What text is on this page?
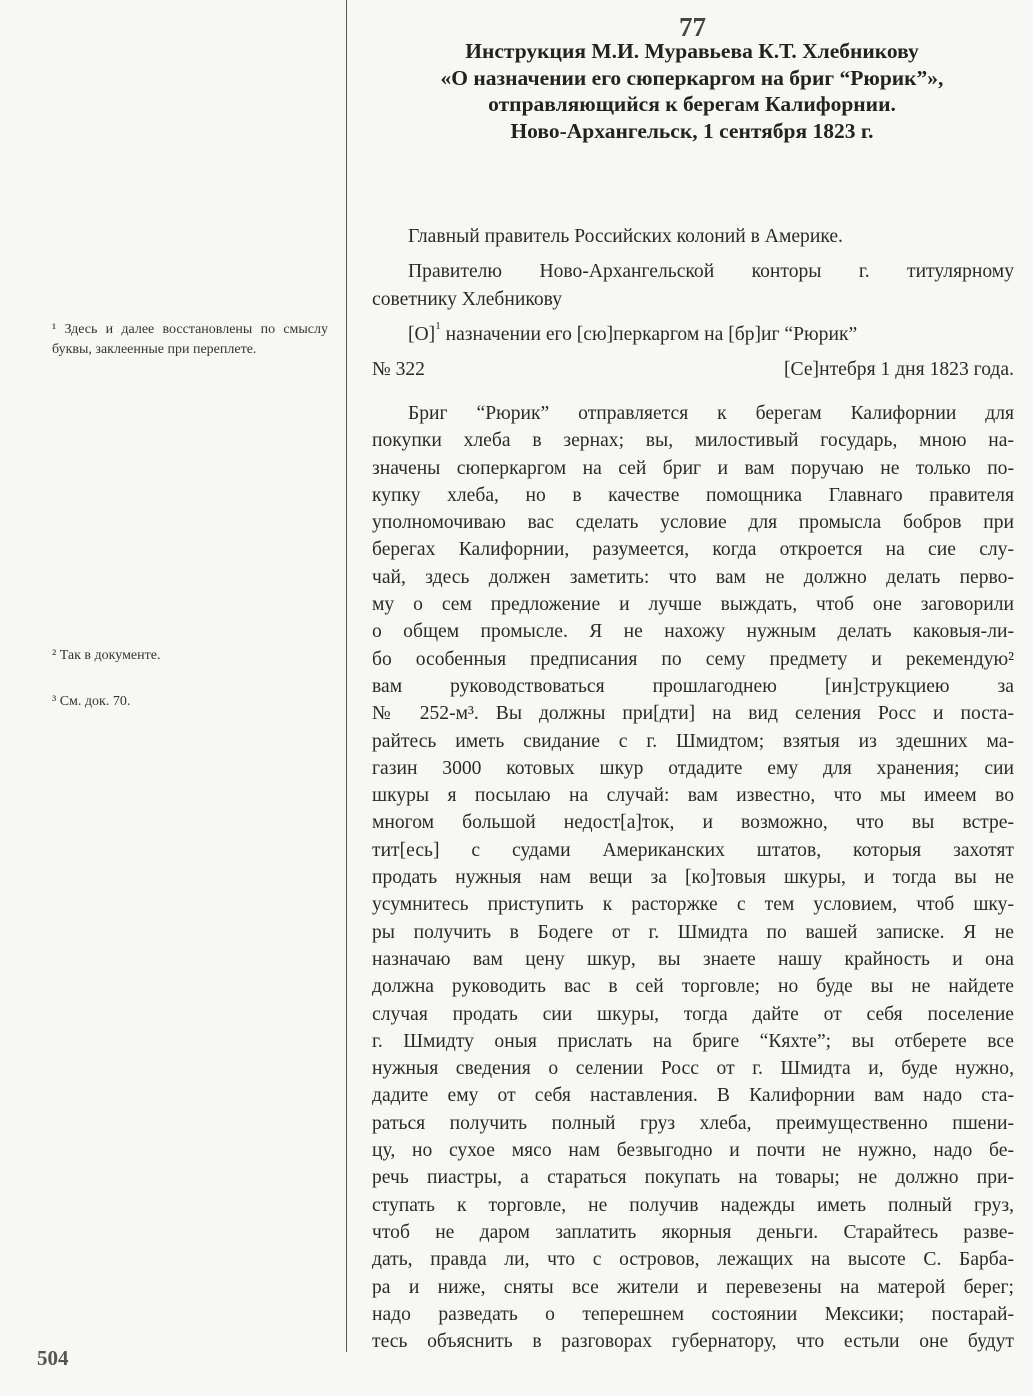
77
Инструкция М.И. Муравьева К.Т. Хлебникову
«О назначении его сюперкаргом на бриг “Рюрик”»,
отправляющийся к берегам Калифорнии.
Ново-Архангельск, 1 сентября 1823 г.
¹ Здесь и далее восстановлены по смыслу буквы, заклеенные при переплете.
² Так в документе.
³ См. док. 70.
Главный правитель Российских колоний в Америке.
Правителю Ново-Архангельской конторы г. титулярному
советнику Хлебникову
$[О]^1$ назначении его [сю]перкаргом на [бр]иг “Рюрик”
№ 322	[Се]нтебря 1 дня 1823 года.
Бриг “Рюрик” отправляется к берегам Калифорнии для
покупки хлеба в зернах; вы, милостивый государь, мною на-
значены сюперкаргом на сей бриг и вам поручаю не только по-
купку хлеба, но в качестве помощника Главнаго правителя
уполномочиваю вас сделать условие для промысла бобров при
берегах Калифорнии, разумеется, когда откроется на сие слу-
чай, здесь должен заметить: что вам не должно делать перво-
му о сем предложение и лучше выждать, чтоб оне заговорили
о общем промысле. Я не нахожу нужным делать каковыя-ли-
бо особенныя предписания по сему предмету и рекемендую²
вам руководствоваться прошлагоднею [ин]струкциею за
№ 252-м³. Вы должны при[дти] на вид селения Росс и поста-
райтесь иметь свидание с г. Шмидтом; взятыя из здешних ма-
газин 3000 котовых шкур отдадите ему для хранения; сии
шкуры я посылаю на случай: вам известно, что мы имеем во
многом большой недост[а]ток, и возможно, что вы встре-
тит[есь] с судами Американских штатов, которыя захотят
продать нужныя нам вещи за [ко]товыя шкуры, и тогда вы не
усумнитесь приступить к расторжке с тем условием, чтоб шку-
ры получить в Бодеге от г. Шмидта по вашей записке. Я не
назначаю вам цену шкур, вы знаете нашу крайность и она
должна руководить вас в сей торговле; но буде вы не найдете
случая продать сии шкуры, тогда дайте от себя поселение
г. Шмидту оныя прислать на бриге “Кяхте”; вы отберете все
нужныя сведения о селении Росс от г. Шмидта и, буде нужно,
дадите ему от себя наставления. В Калифорнии вам надо ста-
раться получить полный груз хлеба, преимущественно пшени-
цу, но сухое мясо нам безвыгодно и почти не нужно, надо бе-
речь пиастры, а стараться покупать на товары; не должно при-
ступать к торговле, не получив надежды иметь полный груз,
чтоб не даром заплатить якорныя деньги. Старайтесь разве-
дать, правда ли, что с островов, лежащих на высоте С. Барба-
ра и ниже, сняты все жители и перевезены на матерой берег;
надо разведать о теперешнем состоянии Мексики; постарай-
тесь объяснить в разговорах губернатору, что естьли оне будут
504
